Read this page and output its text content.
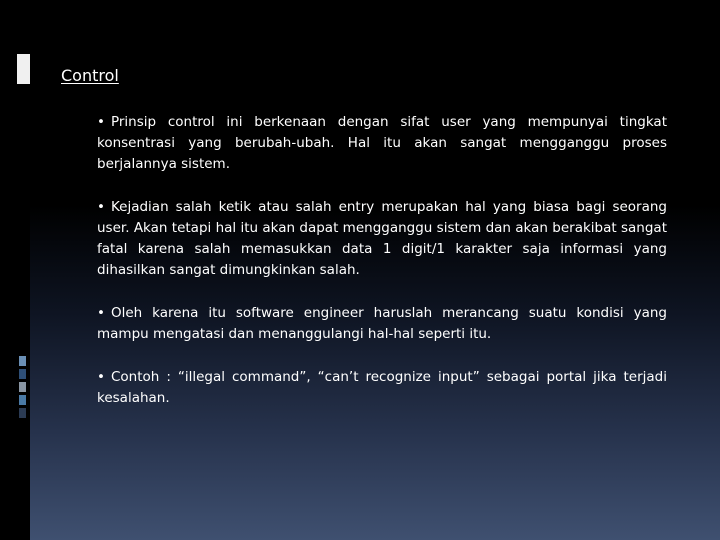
Control

• Prinsip control ini berkenaan dengan sifat user yang mempunyai tingkat konsentrasi yang berubah-ubah. Hal itu akan sangat mengganggu proses berjalannya sistem.

• Kejadian salah ketik atau salah entry merupakan hal yang biasa bagi seorang user. Akan tetapi hal itu akan dapat mengganggu sistem dan akan berakibat sangat fatal karena salah memasukkan data 1 digit/1 karakter saja informasi yang dihasilkan sangat dimungkinkan salah.

• Oleh karena itu software engineer haruslah merancang suatu kondisi yang mampu mengatasi dan menanggulangi hal-hal seperti itu.

• Contoh : “illegal command”, “can’t recognize input” sebagai portal jika terjadi kesalahan.
